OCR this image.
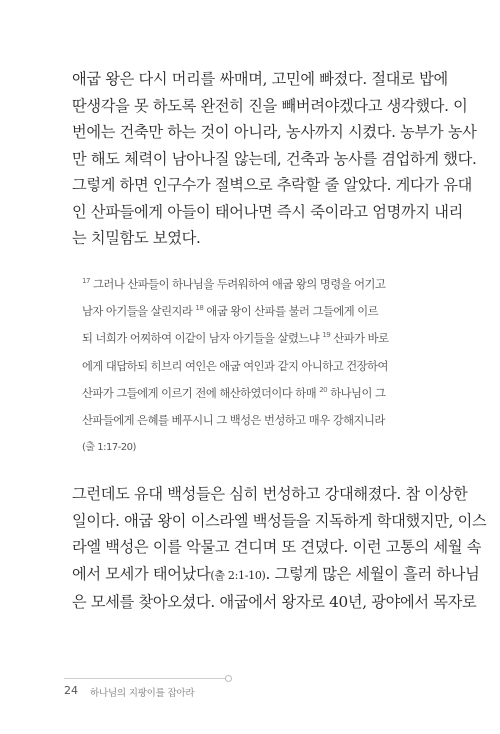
애굽 왕은 다시 머리를 싸매며, 고민에 빠졌다. 절대로 밥에
딴생각을 못 하도록 완전히 진을 빼버려야겠다고 생각했다. 이
번에는 건축만 하는 것이 아니라, 농사까지 시켰다. 농부가 농사
만 해도 체력이 남아나질 않는데, 건축과 농사를 겸업하게 했다.
그렇게 하면 인구수가 절벽으로 추락할 줄 알았다. 게다가 유대
인 산파들에게 아들이 태어나면 즉시 죽이라고 엄명까지 내리
는 치밀함도 보였다.
$^{17}$ 그러나 산파들이 하나님을 두려워하여 애굽 왕의 명령을 어기고
남자 아기들을 살린지라 $^{18}$ 애굽 왕이 산파를 불러 그들에게 이르
되 너희가 어찌하여 이같이 남자 아기들을 살렸느냐 $^{19}$ 산파가 바로
에게 대답하되 히브리 여인은 애굽 여인과 같지 아니하고 건장하여
산파가 그들에게 이르기 전에 해산하였더이다 하매 $^{20}$ 하나님이 그
산파들에게 은혜를 베푸시니 그 백성은 번성하고 매우 강해지니라
(출 1:17-20)
그런데도 유대 백성들은 심히 번성하고 강대해졌다. 참 이상한
일이다. 애굽 왕이 이스라엘 백성들을 지독하게 학대했지만, 이스
라엘 백성은 이를 악물고 견디며 또 견뎠다. 이런 고통의 세월 속
에서 모세가 태어났다(출 2:1-10). 그렇게 많은 세월이 흘러 하나님
은 모세를 찾아오셨다. 애굽에서 왕자로 40년, 광야에서 목자로
24 하나님의 지팡이를 잡아라
